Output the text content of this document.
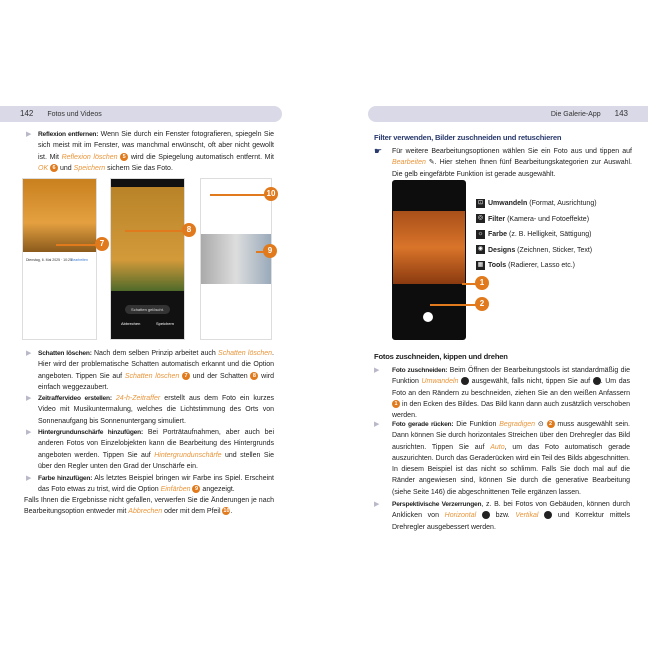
142 Fotos und Videos	Die Galerie-App 143
▶ Reflexion entfernen: Wenn Sie durch ein Fenster fotografieren, spiegeln Sie sich meist mit im Fenster, was manchmal erwünscht, oft aber nicht gewollt ist. Mit Reflexion löschen 5 wird die Spiegelung automatisch entfernt. Mit OK 6 und Speichern sichern Sie das Foto.
Dienstag, 6. Mai 2025 · 10:25 Bearbeiten
Schatten gelöscht.
Abbrechen	Speichern
7
8
9
10
▶ Schatten löschen: Nach dem selben Prinzip arbeitet auch Schatten löschen. Hier wird der problematische Schatten automatisch erkannt und die Option angeboten. Tippen Sie auf Schatten löschen 7 und der Schatten 8 wird einfach weggezaubert.
▶ Zeitraffervideo erstellen: 24-h-Zeitraffer erstellt aus dem Foto ein kurzes Video mit Musikuntermalung, welches die Lichtstimmung des Orts von Sonnenaufgang bis Sonnenuntergang simuliert.
▶ Hintergrundunschärfe hinzufügen: Bei Porträtaufnahmen, aber auch bei anderen Fotos von Einzelobjekten kann die Bearbeitung des Hintergrunds angeboten werden. Tippen Sie auf Hintergrundunschärfe und stellen Sie über den Regler unten den Grad der Unschärfe ein.
▶ Farbe hinzufügen: Als letztes Beispiel bringen wir Farbe ins Spiel. Erscheint das Foto etwas zu trist, wird die Option Einfärben 9 angezeigt.
Falls Ihnen die Ergebnisse nicht gefallen, verwerfen Sie die Änderungen je nach Bearbeitungsoption entweder mit Abbrechen oder mit dem Pfeil 10.
Filter verwenden, Bilder zuschneiden und retuschieren
☛ Für weitere Bearbeitungsoptionen wählen Sie ein Foto aus und tippen auf Bearbeiten ✎. Hier stehen Ihnen fünf Bearbeitungskategorien zur Auswahl. Die gelb eingefärbte Funktion ist gerade ausgewählt.
1
2
⊡ Umwandeln (Format, Ausrichtung)
◎ Filter (Kamera- und Fotoeffekte)
☼ Farbe (z. B. Helligkeit, Sättigung)
◉ Designs (Zeichnen, Sticker, Text)
▦ Tools (Radierer, Lasso etc.)
Fotos zuschneiden, kippen und drehen
▶ Foto zuschneiden: Beim Öffnen der Bearbeitungstools ist standardmäßig die Funktion Umwandeln  ausgewählt, falls nicht, tippen Sie auf . Um das Foto an den Rändern zu beschneiden, ziehen Sie an den weißen Anfassern 1 in den Ecken des Bildes. Das Bild kann dann auch zusätzlich verschoben werden.
▶ Foto gerade rücken: Die Funktion Begradigen ⊙ 2 muss ausgewählt sein. Dann können Sie durch horizontales Streichen über den Drehregler das Bild ausrichten. Tippen Sie auf Auto, um das Foto automatisch gerade auszurichten. Durch das Geraderücken wird ein Teil des Bilds abgeschnitten. In diesem Beispiel ist das nicht so schlimm. Falls Sie doch mal auf die Ränder angewiesen sind, können Sie durch die generative Bearbeitung (siehe Seite 146) die abgeschnittenen Teile ergänzen lassen.
▶ Perspektivische Verzerrungen, z. B. bei Fotos von Gebäuden, können durch Anklicken von Horizontal  bzw. Vertikal  und Korrektur mittels Drehregler ausgebessert werden.
